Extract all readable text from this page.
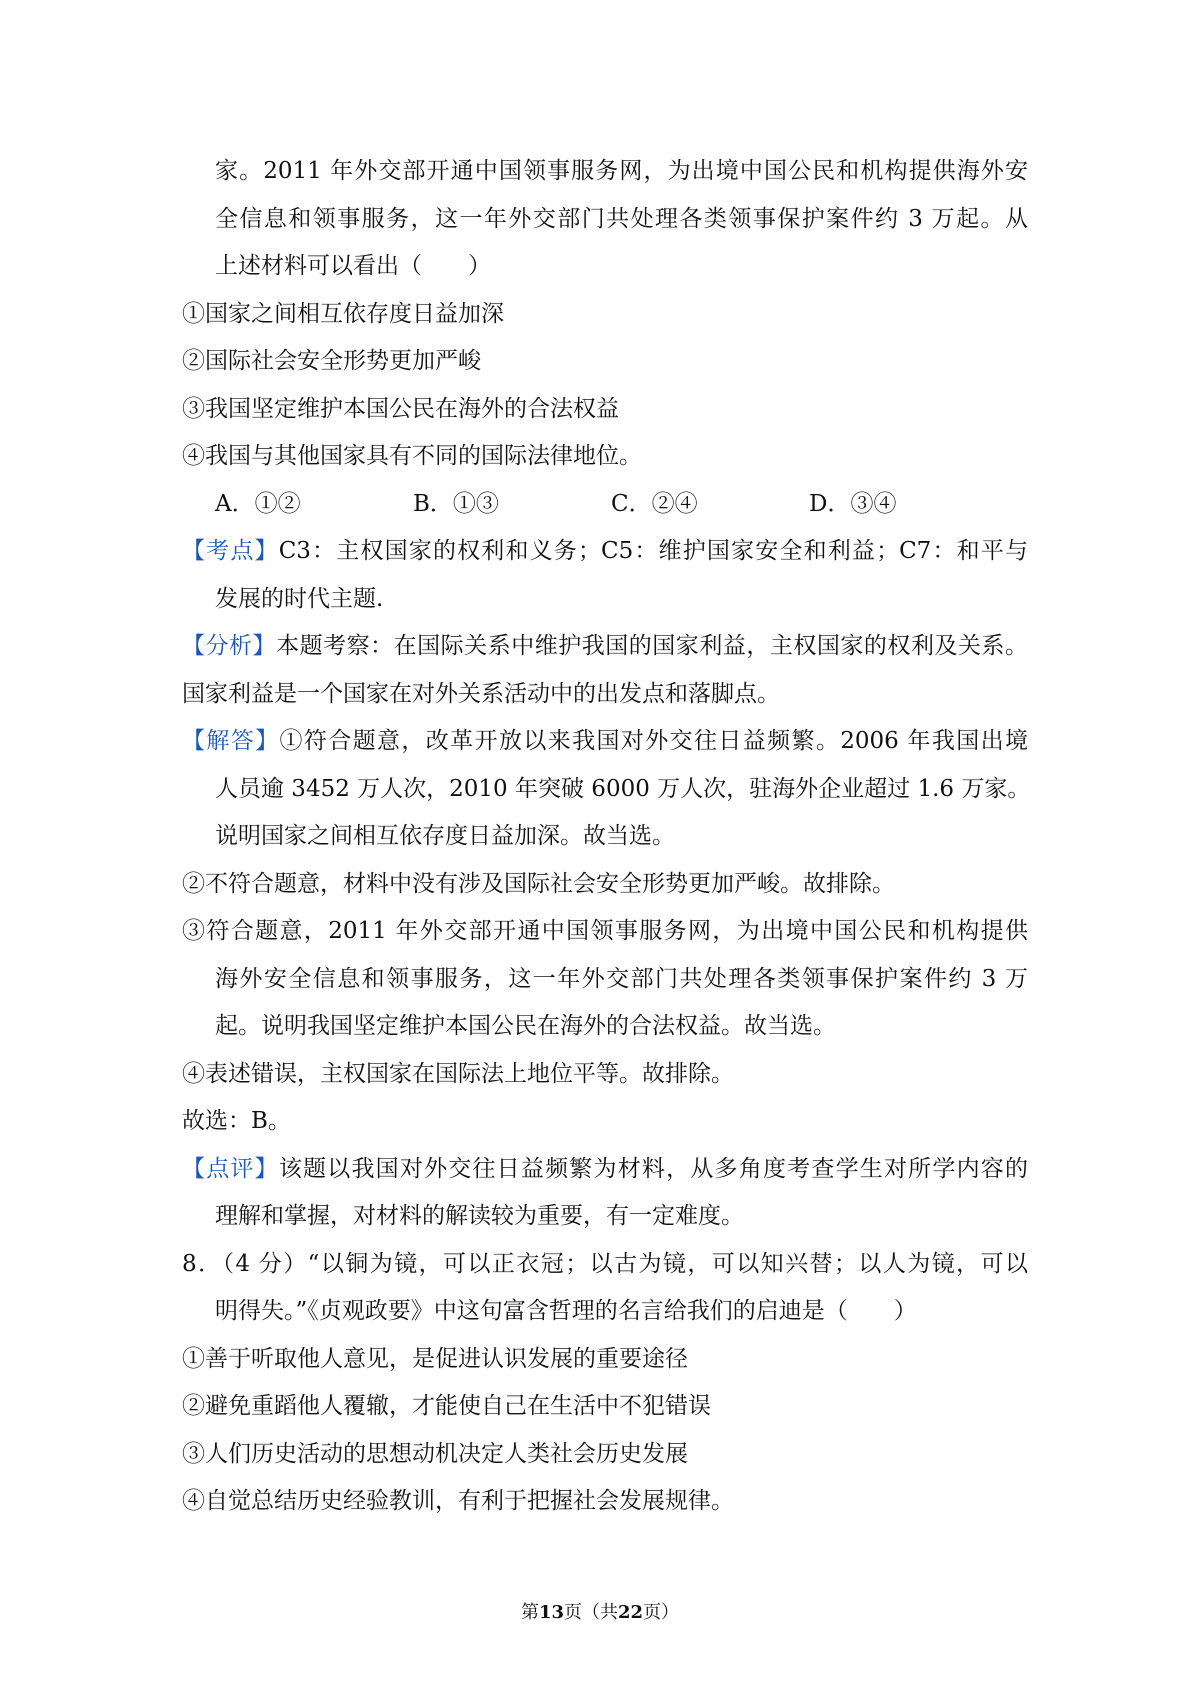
家。2011 年外交部开通中国领事服务网，为出境中国公民和机构提供海外安
全信息和领事服务，这一年外交部门共处理各类领事保护案件约 3 万起。从
上述材料可以看出（　　）
①国家之间相互依存度日益加深
②国际社会安全形势更加严峻
③我国坚定维护本国公民在海外的合法权益
④我国与其他国家具有不同的国际法律地位。
A．①②	B．①③	C．②④	D．③④
【考点】C3：主权国家的权利和义务；C5：维护国家安全和利益；C7：和平与
发展的时代主题.
【分析】本题考察：在国际关系中维护我国的国家利益，主权国家的权利及关系。
国家利益是一个国家在对外关系活动中的出发点和落脚点。
【解答】①符合题意，改革开放以来我国对外交往日益频繁。2006 年我国出境
人员逾 3452 万人次，2010 年突破 6000 万人次，驻海外企业超过 1.6 万家。
说明国家之间相互依存度日益加深。故当选。
②不符合题意，材料中没有涉及国际社会安全形势更加严峻。故排除。
③符合题意，2011 年外交部开通中国领事服务网，为出境中国公民和机构提供
海外安全信息和领事服务，这一年外交部门共处理各类领事保护案件约 3 万
起。说明我国坚定维护本国公民在海外的合法权益。故当选。
④表述错误，主权国家在国际法上地位平等。故排除。
故选：B。
【点评】该题以我国对外交往日益频繁为材料，从多角度考查学生对所学内容的
理解和掌握，对材料的解读较为重要，有一定难度。
8．（4 分）“以铜为镜，可以正衣冠；以古为镜，可以知兴替；以人为镜，可以
明得失。”《贞观政要》中这句富含哲理的名言给我们的启迪是（　　）
①善于听取他人意见，是促进认识发展的重要途径
②避免重蹈他人覆辙，才能使自己在生活中不犯错误
③人们历史活动的思想动机决定人类社会历史发展
④自觉总结历史经验教训，有利于把握社会发展规律。
第13页（共22页）
